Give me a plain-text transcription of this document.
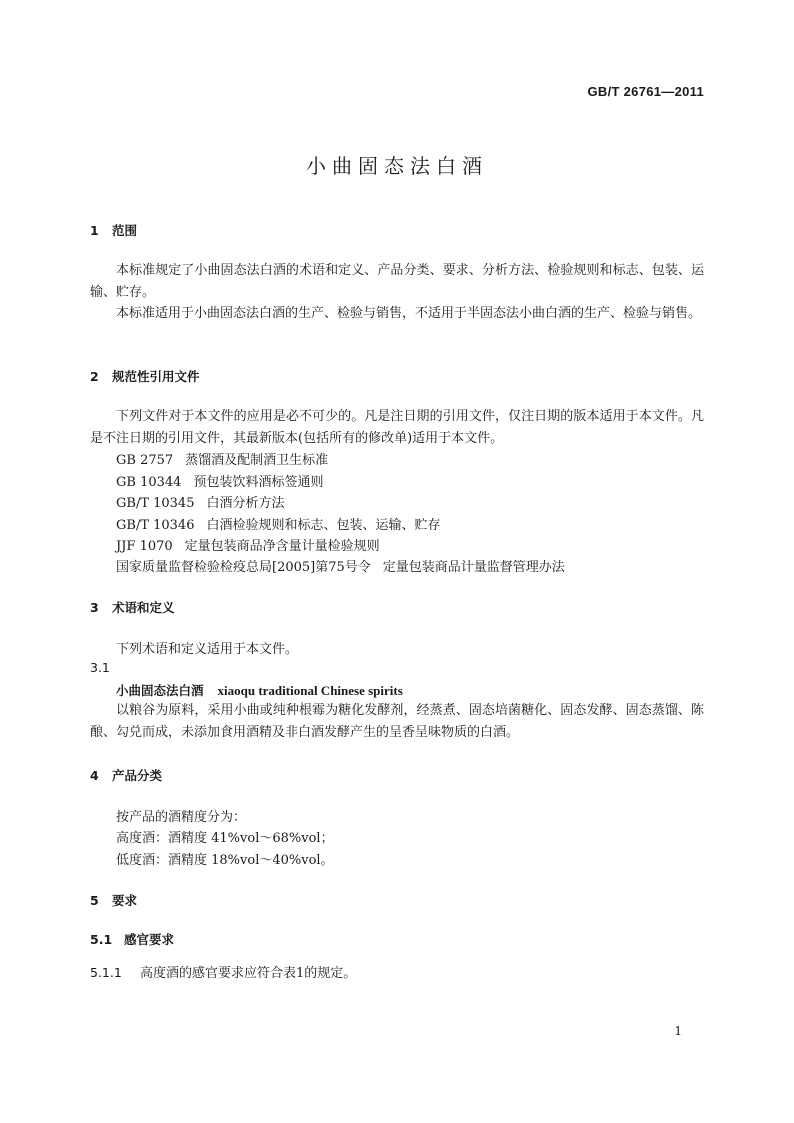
GB/T 26761—2011
小曲固态法白酒
1 范围
本标准规定了小曲固态法白酒的术语和定义、产品分类、要求、分析方法、检验规则和标志、包装、运输、贮存。
本标准适用于小曲固态法白酒的生产、检验与销售，不适用于半固态法小曲白酒的生产、检验与销售。
2 规范性引用文件
下列文件对于本文件的应用是必不可少的。凡是注日期的引用文件，仅注日期的版本适用于本文件。凡是不注日期的引用文件，其最新版本(包括所有的修改单)适用于本文件。
GB 2757 蒸馏酒及配制酒卫生标准
GB 10344 预包装饮料酒标签通则
GB/T 10345 白酒分析方法
GB/T 10346 白酒检验规则和标志、包装、运输、贮存
JJF 1070 定量包装商品净含量计量检验规则
国家质量监督检验检疫总局[2005]第75号令 定量包装商品计量监督管理办法
3 术语和定义
下列术语和定义适用于本文件。
3.1
小曲固态法白酒 xiaoqu traditional Chinese spirits
以粮谷为原料，采用小曲或纯种根霉为糖化发酵剂，经蒸煮、固态培菌糖化、固态发酵、固态蒸馏、陈酿、勾兑而成，未添加食用酒精及非白酒发酵产生的呈香呈味物质的白酒。
4 产品分类
按产品的酒精度分为：
高度酒：酒精度 41%vol～68%vol；
低度酒：酒精度 18%vol～40%vol。
5 要求
5.1 感官要求
5.1.1 高度酒的感官要求应符合表1的规定。
1
